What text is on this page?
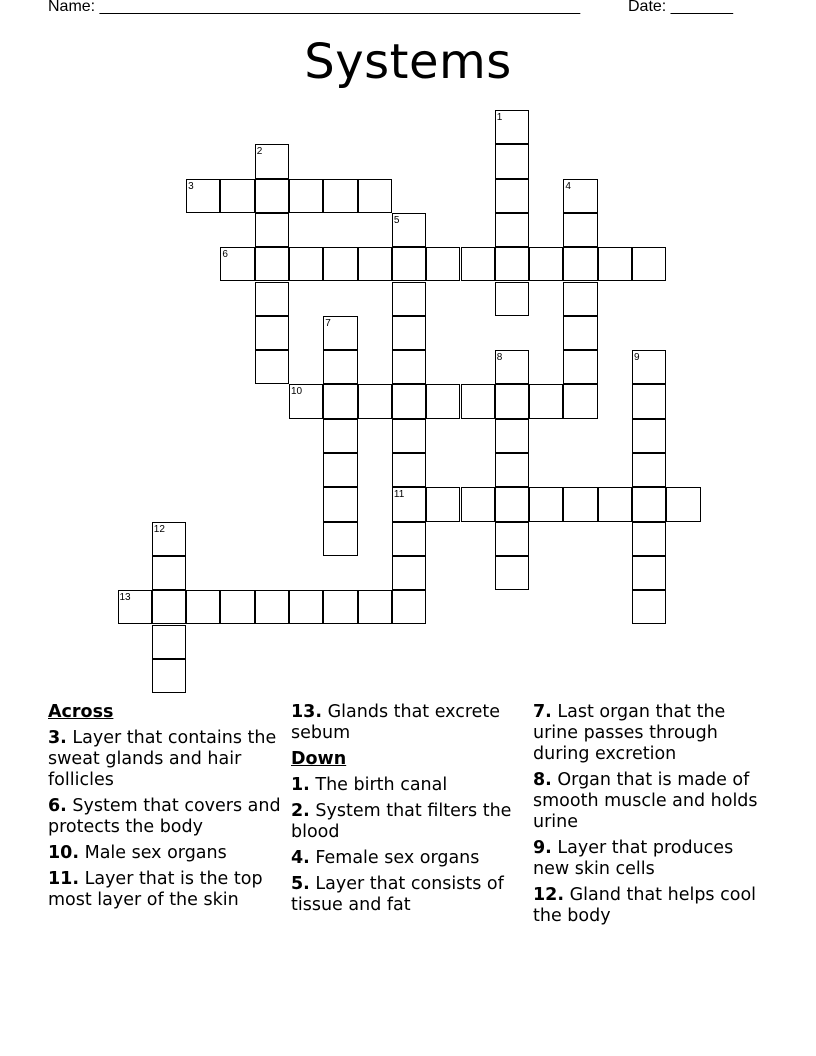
Name: ______________________________________________________	Date: _______
Systems
3
6
10
11
13
1
2
4
5
7
8	9
12
Across
3. Layer that contains the sweat glands and hair follicles
6. System that covers and protects the body
10. Male sex organs
11. Layer that is the top most layer of the skin
13. Glands that excrete sebum
Down
1. The birth canal
2. System that filters the blood
4. Female sex organs
5. Layer that consists of tissue and fat
7. Last organ that the urine passes through during excretion
8. Organ that is made of smooth muscle and holds urine
9. Layer that produces new skin cells
12. Gland that helps cool the body
